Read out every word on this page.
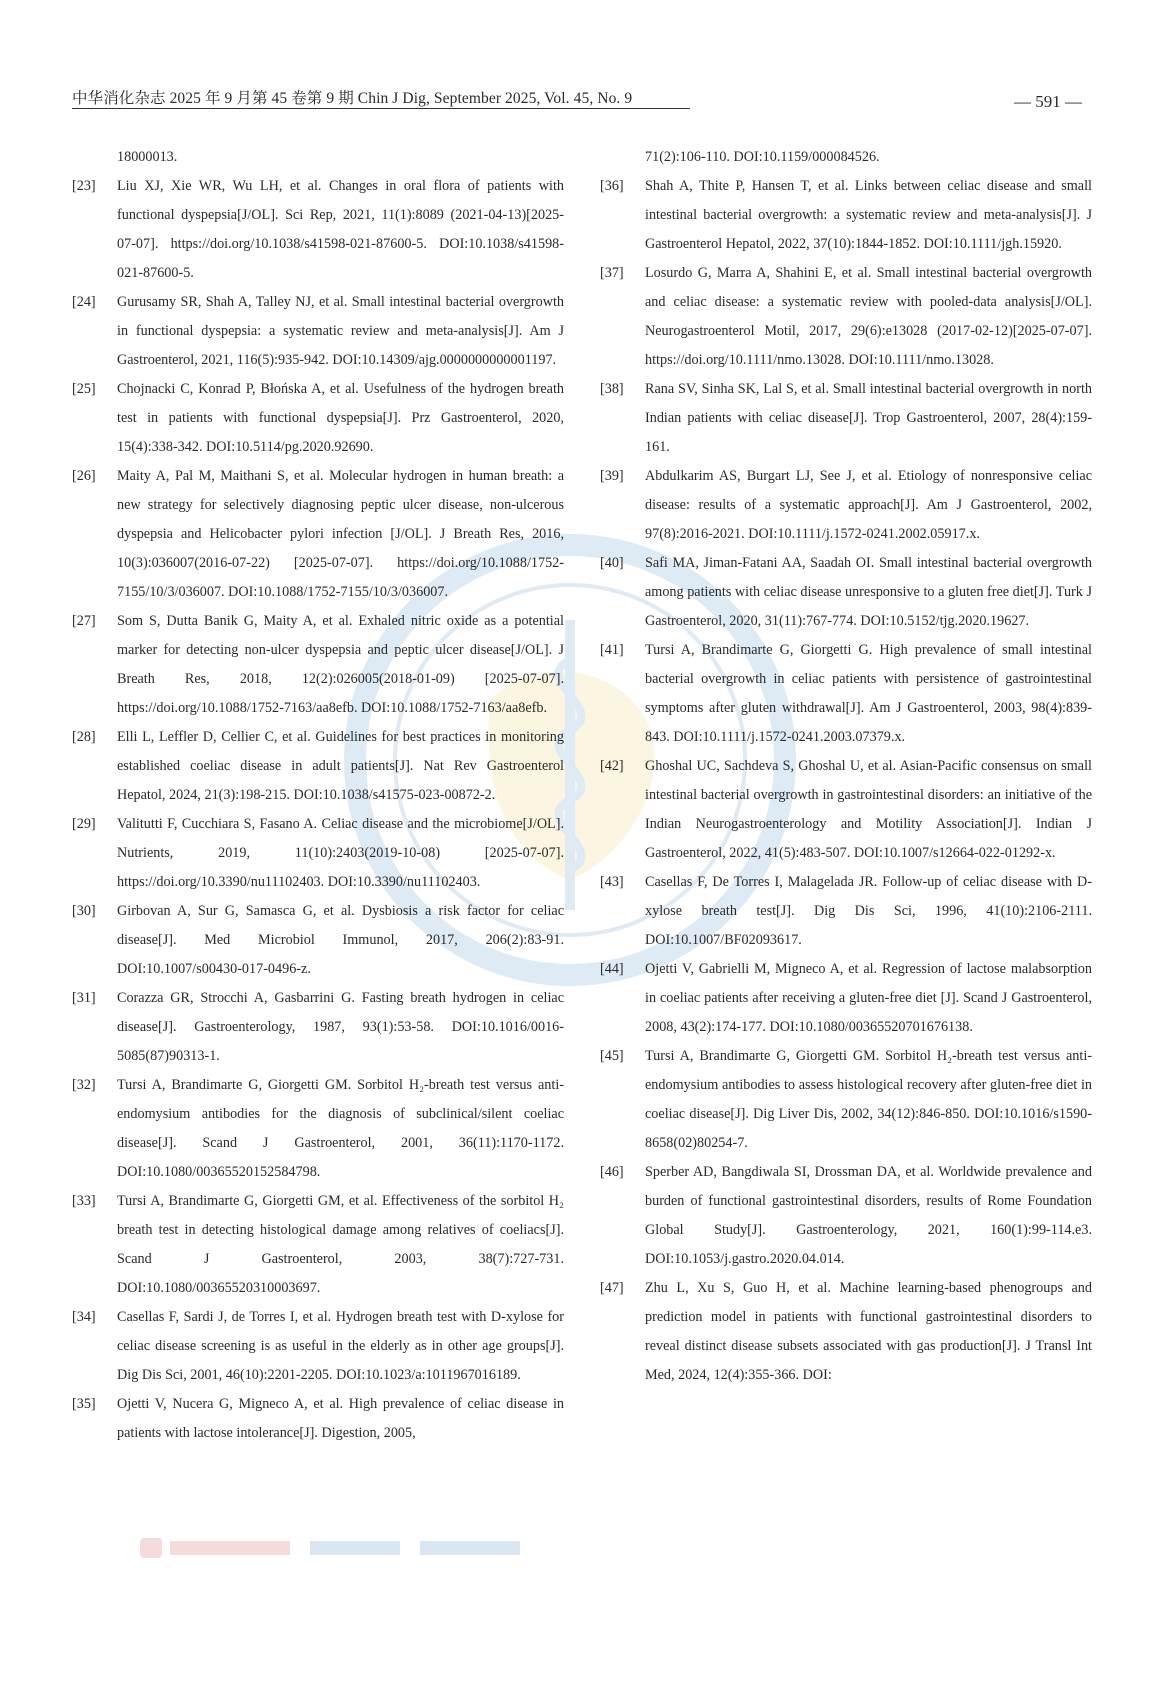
中华消化杂志 2025 年 9 月第 45 卷第 9 期 Chin J Dig, September 2025, Vol. 45, No. 9	— 591 —
18000013.
[23] Liu XJ, Xie WR, Wu LH, et al. Changes in oral flora of patients with functional dyspepsia[J/OL]. Sci Rep, 2021, 11(1):8089 (2021-04-13)[2025-07-07]. https://doi.org/10.1038/s41598-021-87600-5. DOI:10.1038/s41598-021-87600-5.
[24] Gurusamy SR, Shah A, Talley NJ, et al. Small intestinal bacterial overgrowth in functional dyspepsia: a systematic review and meta-analysis[J]. Am J Gastroenterol, 2021, 116(5):935-942. DOI:10.14309/ajg.0000000000001197.
[25] Chojnacki C, Konrad P, Błońska A, et al. Usefulness of the hydrogen breath test in patients with functional dyspepsia[J]. Prz Gastroenterol, 2020, 15(4):338-342. DOI:10.5114/pg.2020.92690.
[26] Maity A, Pal M, Maithani S, et al. Molecular hydrogen in human breath: a new strategy for selectively diagnosing peptic ulcer disease, non-ulcerous dyspepsia and Helicobacter pylori infection [J/OL]. J Breath Res, 2016, 10(3):036007(2016-07-22) [2025-07-07]. https://doi.org/10.1088/1752-7155/10/3/036007. DOI:10.1088/1752-7155/10/3/036007.
[27] Som S, Dutta Banik G, Maity A, et al. Exhaled nitric oxide as a potential marker for detecting non-ulcer dyspepsia and peptic ulcer disease[J/OL]. J Breath Res, 2018, 12(2):026005(2018-01-09) [2025-07-07]. https://doi.org/10.1088/1752-7163/aa8efb. DOI:10.1088/1752-7163/aa8efb.
[28] Elli L, Leffler D, Cellier C, et al. Guidelines for best practices in monitoring established coeliac disease in adult patients[J]. Nat Rev Gastroenterol Hepatol, 2024, 21(3):198-215. DOI:10.1038/s41575-023-00872-2.
[29] Valitutti F, Cucchiara S, Fasano A. Celiac disease and the microbiome[J/OL]. Nutrients, 2019, 11(10):2403(2019-10-08) [2025-07-07]. https://doi.org/10.3390/nu11102403. DOI:10.3390/nu11102403.
[30] Girbovan A, Sur G, Samasca G, et al. Dysbiosis a risk factor for celiac disease[J]. Med Microbiol Immunol, 2017, 206(2):83-91. DOI:10.1007/s00430-017-0496-z.
[31] Corazza GR, Strocchi A, Gasbarrini G. Fasting breath hydrogen in celiac disease[J]. Gastroenterology, 1987, 93(1):53-58. DOI:10.1016/0016-5085(87)90313-1.
[32] Tursi A, Brandimarte G, Giorgetti GM. Sorbitol H₂-breath test versus anti-endomysium antibodies for the diagnosis of subclinical/silent coeliac disease[J]. Scand J Gastroenterol, 2001, 36(11):1170-1172. DOI:10.1080/00365520152584798.
[33] Tursi A, Brandimarte G, Giorgetti GM, et al. Effectiveness of the sorbitol H₂ breath test in detecting histological damage among relatives of coeliacs[J]. Scand J Gastroenterol, 2003, 38(7):727-731. DOI:10.1080/00365520310003697.
[34] Casellas F, Sardi J, de Torres I, et al. Hydrogen breath test with D-xylose for celiac disease screening is as useful in the elderly as in other age groups[J]. Dig Dis Sci, 2001, 46(10):2201-2205. DOI:10.1023/a:1011967016189.
[35] Ojetti V, Nucera G, Migneco A, et al. High prevalence of celiac disease in patients with lactose intolerance[J]. Digestion, 2005,
71(2):106-110. DOI:10.1159/000084526.
[36] Shah A, Thite P, Hansen T, et al. Links between celiac disease and small intestinal bacterial overgrowth: a systematic review and meta-analysis[J]. J Gastroenterol Hepatol, 2022, 37(10):1844-1852. DOI:10.1111/jgh.15920.
[37] Losurdo G, Marra A, Shahini E, et al. Small intestinal bacterial overgrowth and celiac disease: a systematic review with pooled-data analysis[J/OL]. Neurogastroenterol Motil, 2017, 29(6):e13028 (2017-02-12)[2025-07-07]. https://doi.org/10.1111/nmo.13028. DOI:10.1111/nmo.13028.
[38] Rana SV, Sinha SK, Lal S, et al. Small intestinal bacterial overgrowth in north Indian patients with celiac disease[J]. Trop Gastroenterol, 2007, 28(4):159-161.
[39] Abdulkarim AS, Burgart LJ, See J, et al. Etiology of nonresponsive celiac disease: results of a systematic approach[J]. Am J Gastroenterol, 2002, 97(8):2016-2021. DOI:10.1111/j.1572-0241.2002.05917.x.
[40] Safi MA, Jiman-Fatani AA, Saadah OI. Small intestinal bacterial overgrowth among patients with celiac disease unresponsive to a gluten free diet[J]. Turk J Gastroenterol, 2020, 31(11):767-774. DOI:10.5152/tjg.2020.19627.
[41] Tursi A, Brandimarte G, Giorgetti G. High prevalence of small intestinal bacterial overgrowth in celiac patients with persistence of gastrointestinal symptoms after gluten withdrawal[J]. Am J Gastroenterol, 2003, 98(4):839-843. DOI:10.1111/j.1572-0241.2003.07379.x.
[42] Ghoshal UC, Sachdeva S, Ghoshal U, et al. Asian-Pacific consensus on small intestinal bacterial overgrowth in gastrointestinal disorders: an initiative of the Indian Neurogastroenterology and Motility Association[J]. Indian J Gastroenterol, 2022, 41(5):483-507. DOI:10.1007/s12664-022-01292-x.
[43] Casellas F, De Torres I, Malagelada JR. Follow-up of celiac disease with D-xylose breath test[J]. Dig Dis Sci, 1996, 41(10):2106-2111. DOI:10.1007/BF02093617.
[44] Ojetti V, Gabrielli M, Migneco A, et al. Regression of lactose malabsorption in coeliac patients after receiving a gluten-free diet [J]. Scand J Gastroenterol, 2008, 43(2):174-177. DOI:10.1080/00365520701676138.
[45] Tursi A, Brandimarte G, Giorgetti GM. Sorbitol H₂-breath test versus anti-endomysium antibodies to assess histological recovery after gluten-free diet in coeliac disease[J]. Dig Liver Dis, 2002, 34(12):846-850. DOI:10.1016/s1590-8658(02)80254-7.
[46] Sperber AD, Bangdiwala SI, Drossman DA, et al. Worldwide prevalence and burden of functional gastrointestinal disorders, results of Rome Foundation Global Study[J]. Gastroenterology, 2021, 160(1):99-114.e3. DOI:10.1053/j.gastro.2020.04.014.
[47] Zhu L, Xu S, Guo H, et al. Machine learning-based phenogroups and prediction model in patients with functional gastrointestinal disorders to reveal distinct disease subsets associated with gas production[J]. J Transl Int Med, 2024, 12(4):355-366. DOI:
